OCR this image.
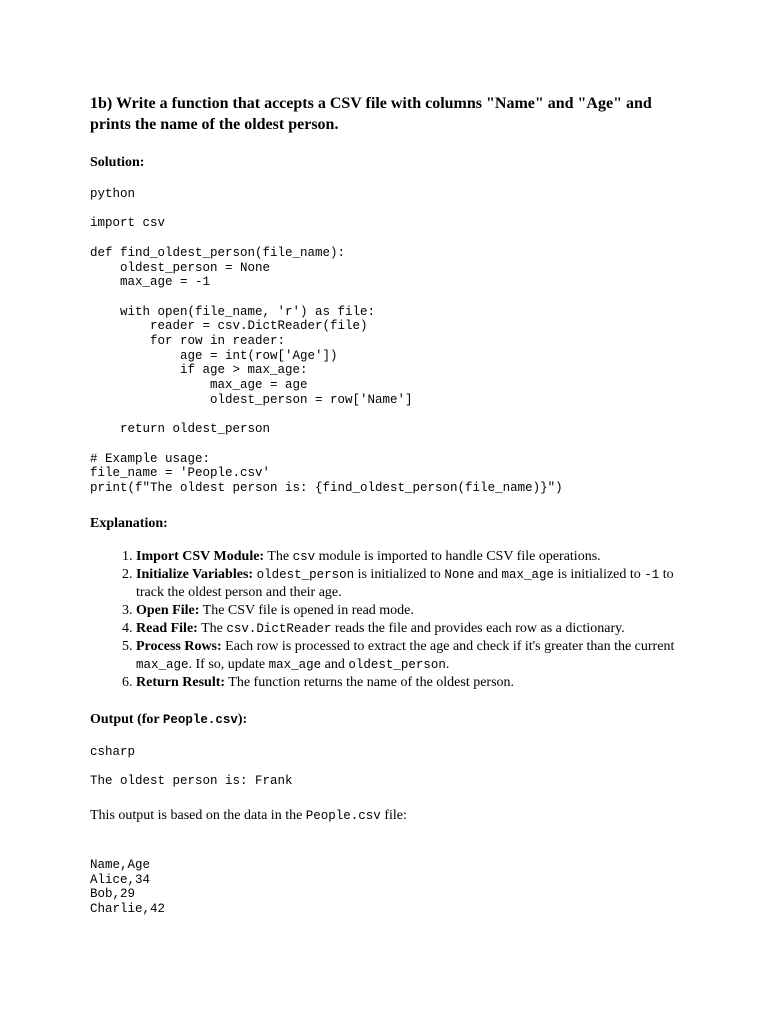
1b) Write a function that accepts a CSV file with columns "Name" and "Age" and prints the name of the oldest person.

Solution:

python
import csv

def find_oldest_person(file_name):
oldest_person = None
max_age = -1

with open(file_name, 'r') as file:
reader = csv.DictReader(file)
for row in reader:
age = int(row['Age'])
if age > max_age:
max_age = age
oldest_person = row['Name']

return oldest_person

# Example usage:
file_name = 'People.csv'
print(f"The oldest person is: {find_oldest_person(file_name)}")

Explanation:

1. Import CSV Module: The csv module is imported to handle CSV file operations.
2. Initialize Variables: oldest_person is initialized to None and max_age is initialized to -1 to track the oldest person and their age.
3. Open File: The CSV file is opened in read mode.
4. Read File: The csv.DictReader reads the file and provides each row as a dictionary.
5. Process Rows: Each row is processed to extract the age and check if it's greater than the current max_age. If so, update max_age and oldest_person.
6. Return Result: The function returns the name of the oldest person.

Output (for People.csv):

csharp
The oldest person is: Frank

This output is based on the data in the People.csv file:

Name,Age
Alice,34
Bob,29
Charlie,42
